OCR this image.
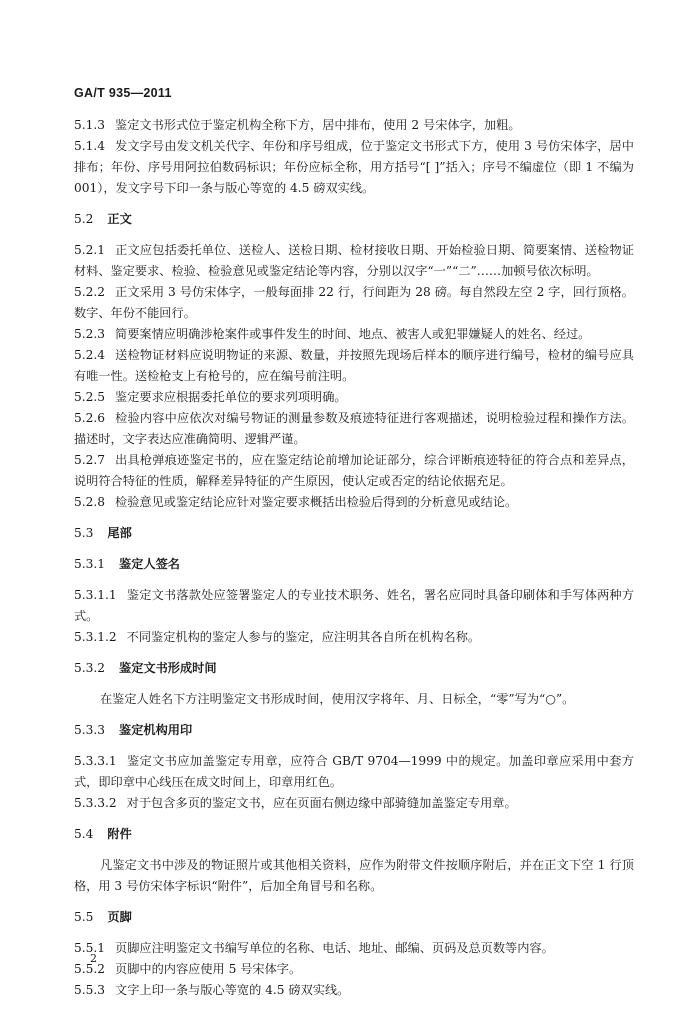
GA/T 935—2011

5.1.3 鉴定文书形式位于鉴定机构全称下方，居中排布，使用 2 号宋体字，加粗。

5.1.4 发文字号由发文机关代字、年份和序号组成，位于鉴定文书形式下方，使用 3 号仿宋体字，居中排布；年份、序号用阿拉伯数码标识；年份应标全称，用方括号“[ ]”括入；序号不编虚位（即 1 不编为 001），发文字号下印一条与版心等宽的 4.5 磅双实线。

5.2 正文

5.2.1 正文应包括委托单位、送检人、送检日期、检材接收日期、开始检验日期、简要案情、送检物证材料、鉴定要求、检验、检验意见或鉴定结论等内容，分别以汉字“一”“二”……加顿号依次标明。

5.2.2 正文采用 3 号仿宋体字，一般每面排 22 行，行间距为 28 磅。每自然段左空 2 字，回行顶格。数字、年份不能回行。

5.2.3 简要案情应明确涉枪案件或事件发生的时间、地点、被害人或犯罪嫌疑人的姓名、经过。

5.2.4 送检物证材料应说明物证的来源、数量，并按照先现场后样本的顺序进行编号，检材的编号应具有唯一性。送检枪支上有枪号的，应在编号前注明。

5.2.5 鉴定要求应根据委托单位的要求列项明确。

5.2.6 检验内容中应依次对编号物证的测量参数及痕迹特征进行客观描述，说明检验过程和操作方法。描述时，文字表达应准确简明、逻辑严谨。

5.2.7 出具枪弹痕迹鉴定书的，应在鉴定结论前增加论证部分，综合评断痕迹特征的符合点和差异点，说明符合特征的性质，解释差异特征的产生原因，使认定或否定的结论依据充足。

5.2.8 检验意见或鉴定结论应针对鉴定要求概括出检验后得到的分析意见或结论。

5.3 尾部

5.3.1 鉴定人签名

5.3.1.1 鉴定文书落款处应签署鉴定人的专业技术职务、姓名，署名应同时具备印刷体和手写体两种方式。

5.3.1.2 不同鉴定机构的鉴定人参与的鉴定，应注明其各自所在机构名称。

5.3.2 鉴定文书形成时间

在鉴定人姓名下方注明鉴定文书形成时间，使用汉字将年、月、日标全，“零”写为“○”。

5.3.3 鉴定机构用印

5.3.3.1 鉴定文书应加盖鉴定专用章，应符合 GB/T 9704—1999 中的规定。加盖印章应采用中套方式，即印章中心线压在成文时间上，印章用红色。

5.3.3.2 对于包含多页的鉴定文书，应在页面右侧边缘中部骑缝加盖鉴定专用章。

5.4 附件

凡鉴定文书中涉及的物证照片或其他相关资料，应作为附带文件按顺序附后，并在正文下空 1 行顶格，用 3 号仿宋体字标识“附件”，后加全角冒号和名称。

5.5 页脚

5.5.1 页脚应注明鉴定文书编写单位的名称、电话、地址、邮编、页码及总页数等内容。

5.5.2 页脚中的内容应使用 5 号宋体字。

5.5.3 文字上印一条与版心等宽的 4.5 磅双实线。

2
